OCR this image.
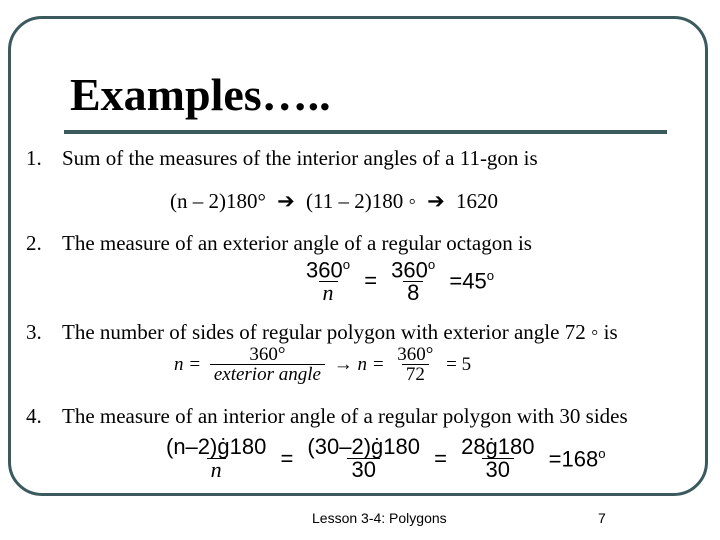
Examples…..
1. Sum of the measures of the interior angles of a 11-gon is
(n – 2)180° ➔ (11 – 2)180 ◦ ➔ 1620
2. The measure of an exterior angle of a regular octagon is
$\frac{360^o}{n} = \frac{360^o}{8} =45^o$
3. The number of sides of regular polygon with exterior angle 72 ◦ is
$n = \frac{360^\circ}{\text{exterior angle}} \to n = \frac{360^\circ}{72} = 5$
4. The measure of an interior angle of a regular polygon with 30 sides
$\frac{(n-2)ġ180}{n} = \frac{(30-2)ġ180}{30} = \frac{28ġ180}{30} =168^o$
Lesson 3-4: Polygons	7
